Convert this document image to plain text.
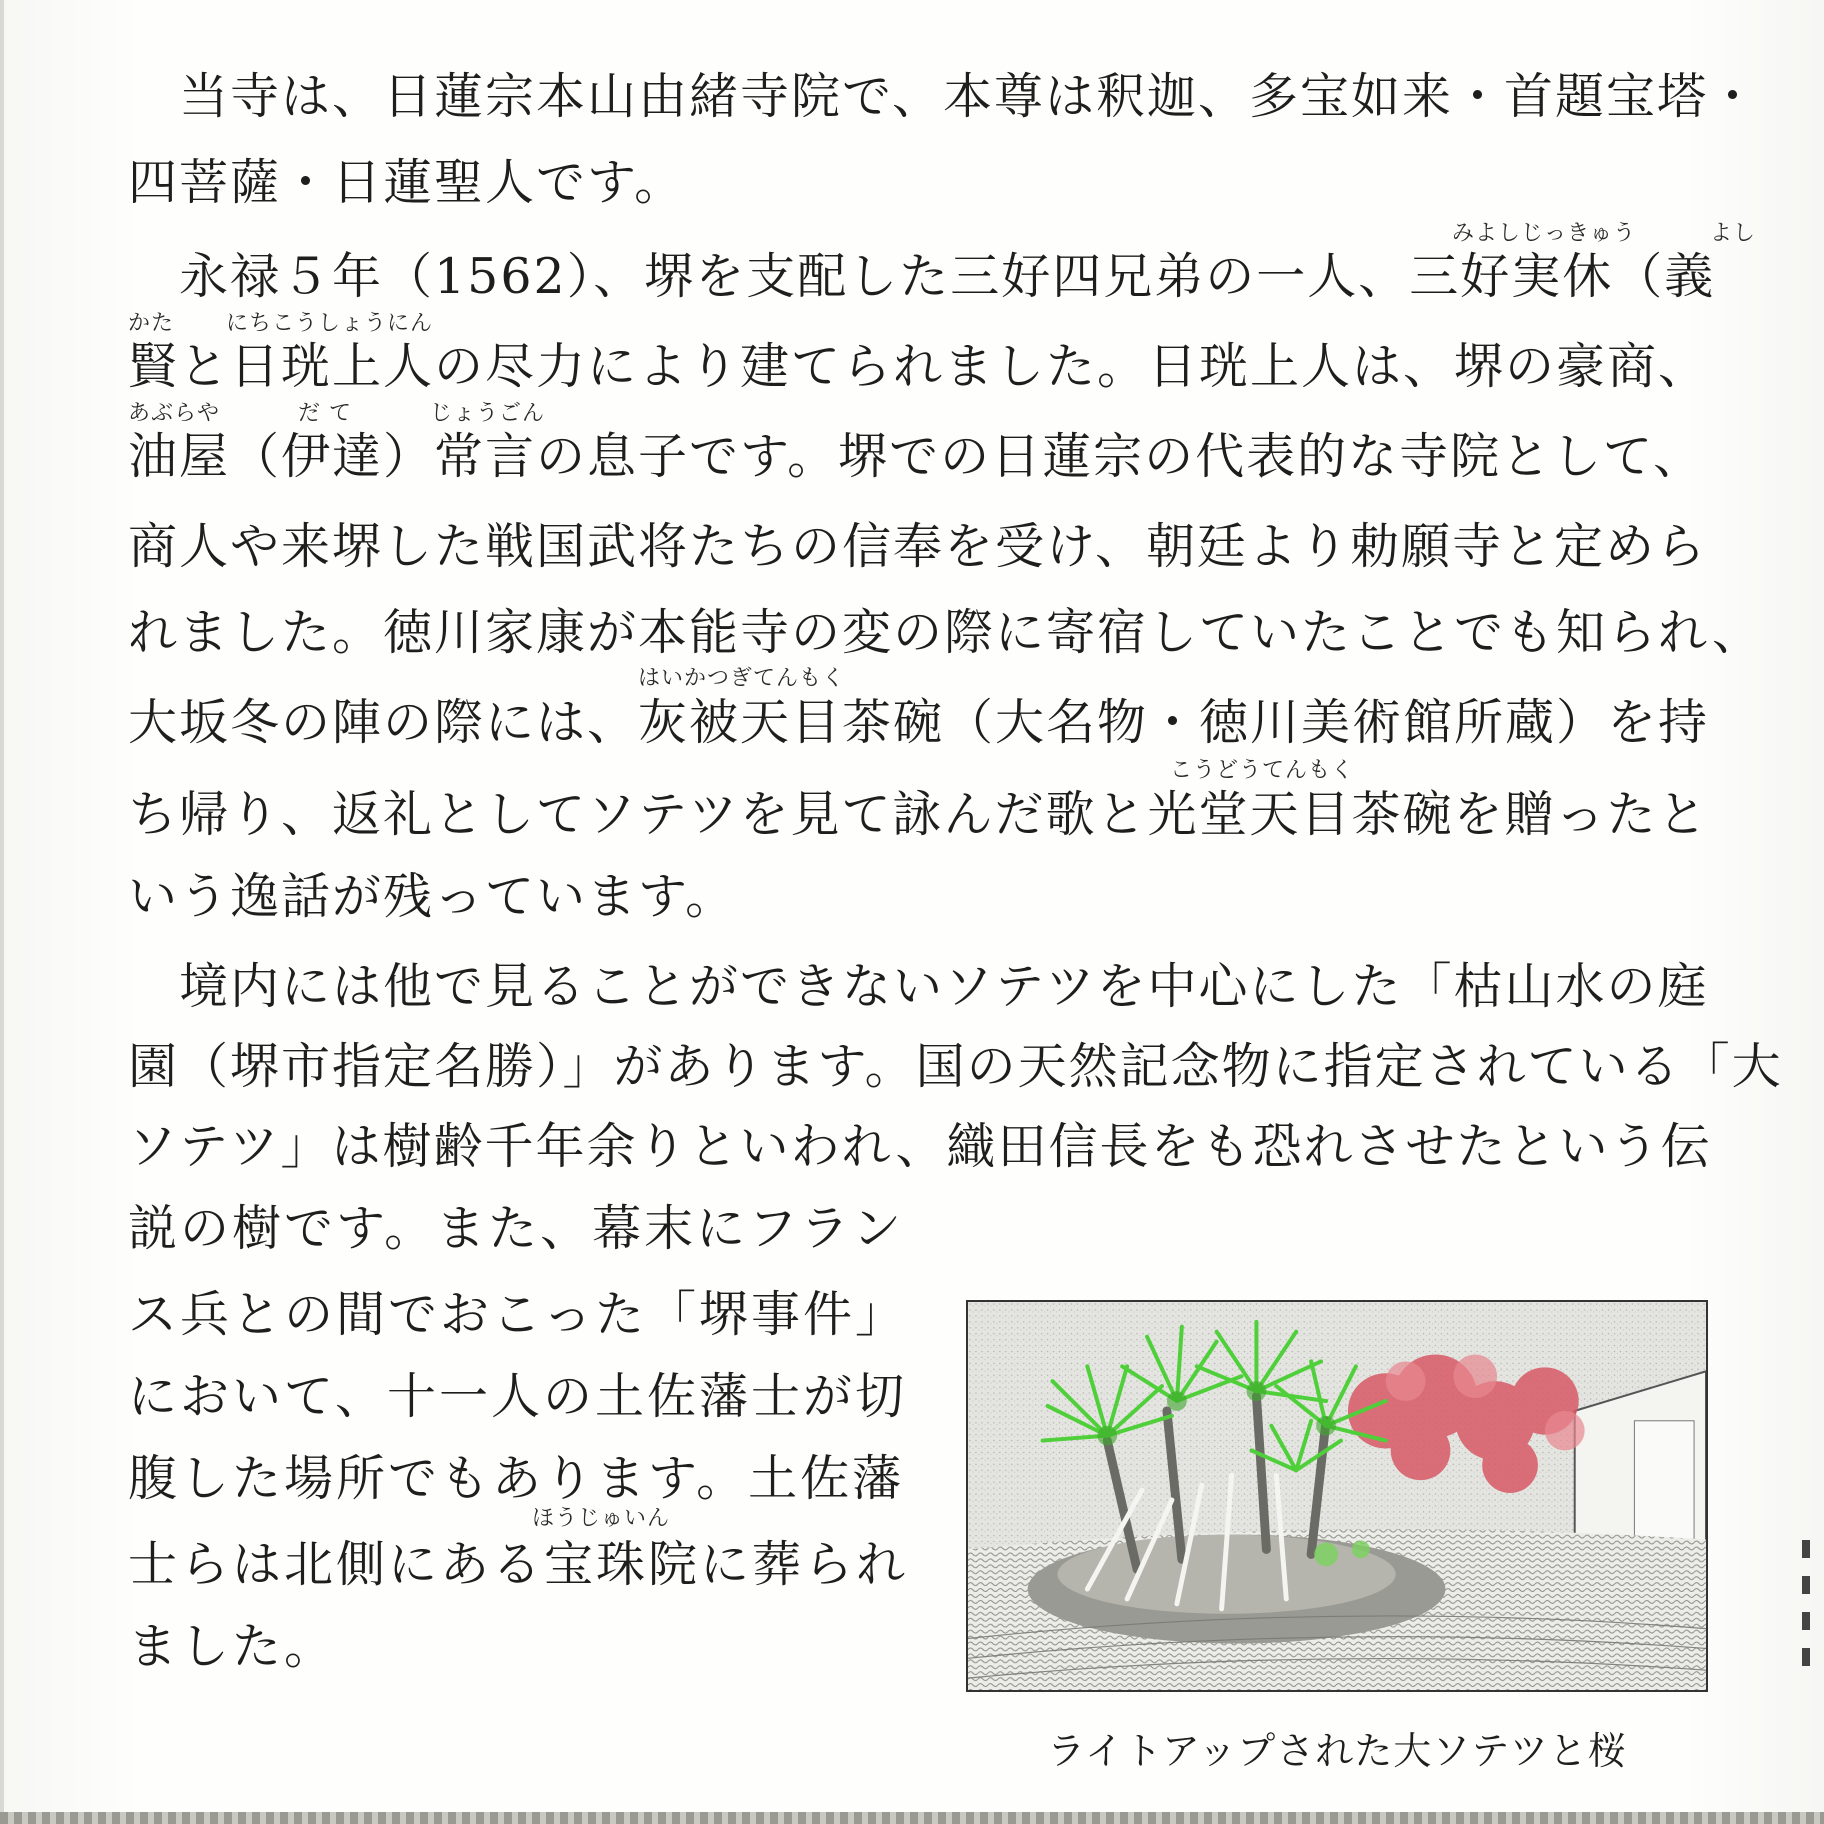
　当寺は、日蓮宗本山由緒寺院で、本尊は釈迦、多宝如来・首題宝塔・
四菩薩・日蓮聖人です。
みよしじっきゅう	よし
かた にちこうしょうにん
あぶらや	だ て	じょうごん
はいかつぎてんもく
こうどうてんもく
　永禄５年（1562）、堺を支配した三好四兄弟の一人、三好実休（義
賢と日珖上人の尽力により建てられました。日珖上人は、堺の豪商、
油屋（伊達）常言の息子です。堺での日蓮宗の代表的な寺院として、
商人や来堺した戦国武将たちの信奉を受け、朝廷より勅願寺と定めら
れました。徳川家康が本能寺の変の際に寄宿していたことでも知られ、
大坂冬の陣の際には、灰被天目茶碗（大名物・徳川美術館所蔵）を持
ち帰り、返礼としてソテツを見て詠んだ歌と光堂天目茶碗を贈ったと
いう逸話が残っています。
　境内には他で見ることができないソテツを中心にした「枯山水の庭
園（堺市指定名勝）」があります。国の天然記念物に指定されている「大
ソテツ」は樹齢千年余りといわれ、織田信長をも恐れさせたという伝
説の樹です。また、幕末にフラン
ス兵との間でおこった「堺事件」
において、十一人の土佐藩士が切
腹した場所でもあります。土佐藩
ほうじゅいん
士らは北側にある宝珠院に葬られ
ました。
ライトアップされた大ソテツと桜
